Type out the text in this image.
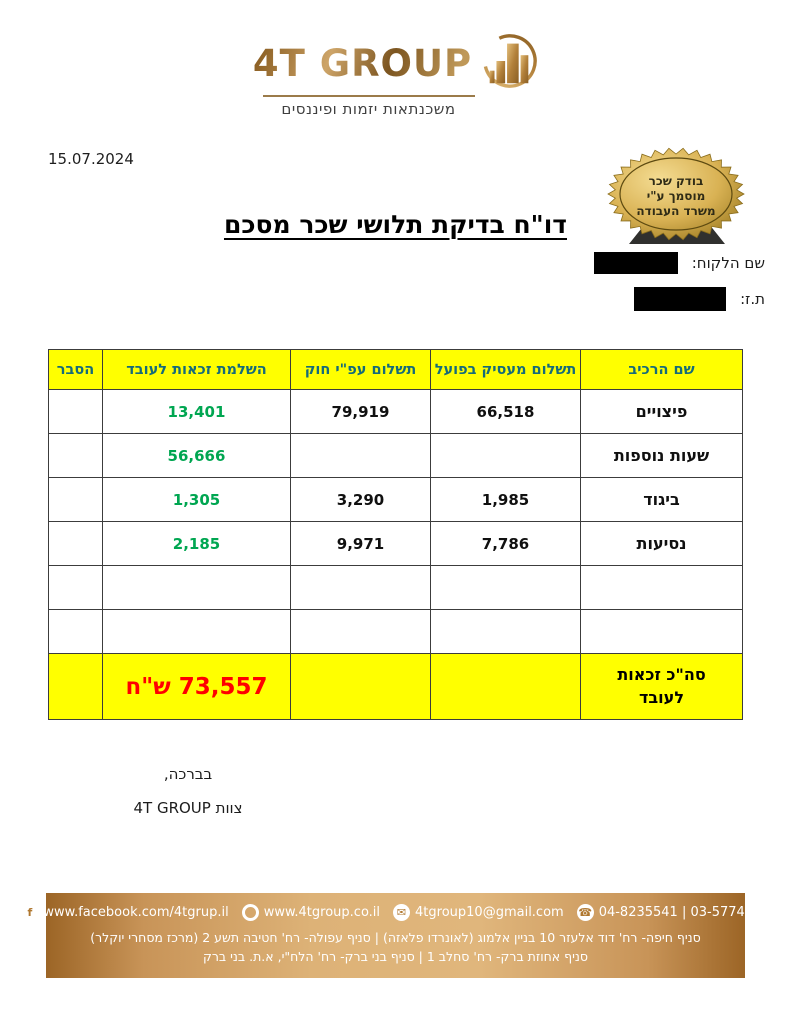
4T GROUP
משכנתאות יזמות ופיננסים
15.07.2024
בודק שכר
מוסמך ע"י
משרד העבודה
דו"ח בדיקת תלושי שכר מסכם
שם הלקוח:
ת.ז:
שם הרכיב	תשלום מעסיק בפועל	תשלום עפ"י חוק	השלמת זכאות לעובד	הסבר
פיצויים	66,518	79,919	13,401	
שעות נוספות			56,666	
ביגוד	1,985	3,290	1,305	
נסיעות	7,786	9,971	2,185	

סה"כ זכאות לעובד			73,557 ש"ח	
בברכה,
צוות 4T GROUP
f www.facebook.com/4tgrup.il	www.4tgroup.co.il	✉ 4tgroup10@gmail.com ☎ 04-8235541 | 03-5774443
סניף חיפה- רח' דוד אלעזר 10 בניין אלמוג (לאונרדו פלאזה) | סניף עפולה- רח' חטיבה תשע 2 (מרכז מסחרי יוקלר)
סניף אחוזת ברק- רח' סחלב 1 | סניף בני ברק- רח' הלח"י, א.ת. בני ברק
